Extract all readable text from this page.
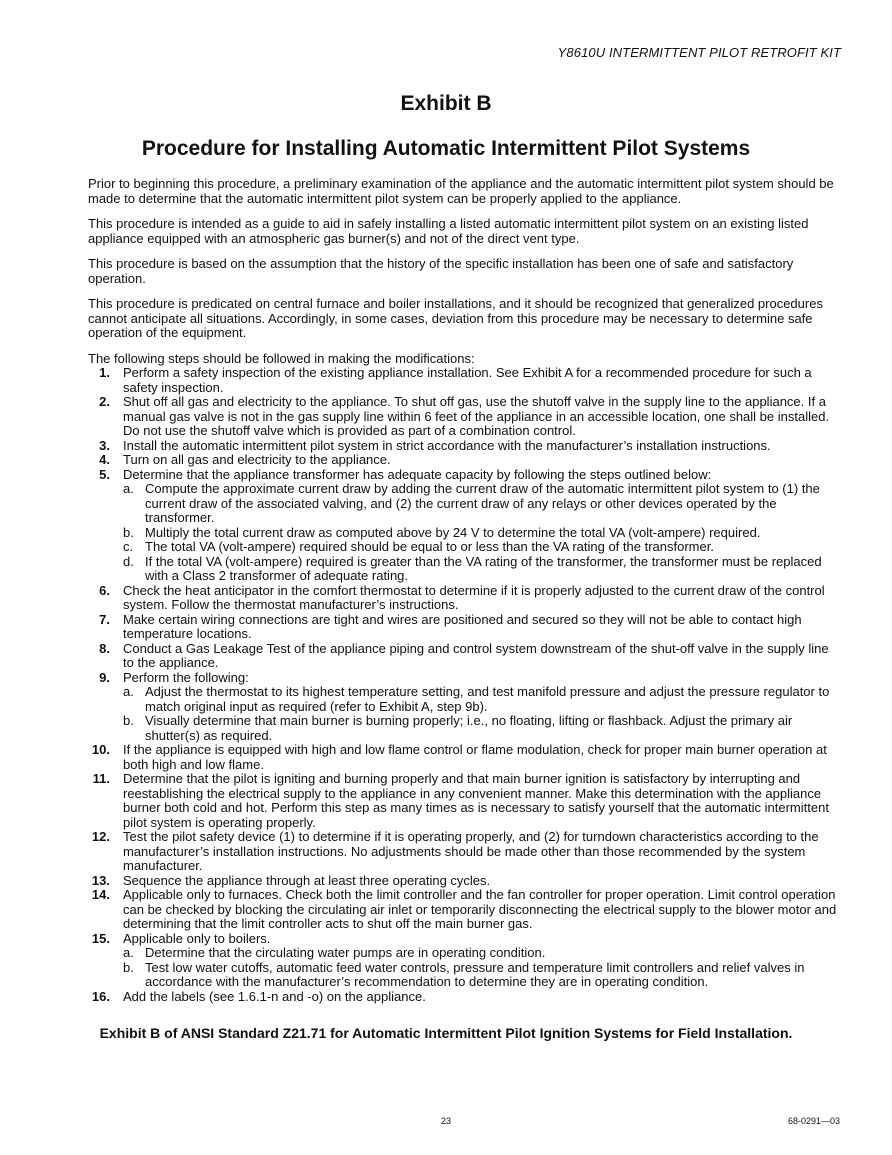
Y8610U INTERMITTENT PILOT RETROFIT KIT
Exhibit B
Procedure for Installing Automatic Intermittent Pilot Systems

Prior to beginning this procedure, a preliminary examination of the appliance and the automatic intermittent pilot system should be made to determine that the automatic intermittent pilot system can be properly applied to the appliance.

This procedure is intended as a guide to aid in safely installing a listed automatic intermittent pilot system on an existing listed appliance equipped with an atmospheric gas burner(s) and not of the direct vent type.

This procedure is based on the assumption that the history of the specific installation has been one of safe and satisfactory operation.

This procedure is predicated on central furnace and boiler installations, and it should be recognized that generalized procedures cannot anticipate all situations. Accordingly, in some cases, deviation from this procedure may be necessary to determine safe operation of the equipment.

The following steps should be followed in making the modifications:

1. Perform a safety inspection of the existing appliance installation. See Exhibit A for a recommended procedure for such a safety inspection.
2. Shut off all gas and electricity to the appliance. To shut off gas, use the shutoff valve in the supply line to the appliance. If a manual gas valve is not in the gas supply line within 6 feet of the appliance in an accessible location, one shall be installed. Do not use the shutoff valve which is provided as part of a combination control.
3. Install the automatic intermittent pilot system in strict accordance with the manufacturer’s installation instructions.
4. Turn on all gas and electricity to the appliance.
5. Determine that the appliance transformer has adequate capacity by following the steps outlined below:
a. Compute the approximate current draw by adding the current draw of the automatic intermittent pilot system to (1) the current draw of the associated valving, and (2) the current draw of any relays or other devices operated by the transformer.
b. Multiply the total current draw as computed above by 24 V to determine the total VA (volt-ampere) required.
c. The total VA (volt-ampere) required should be equal to or less than the VA rating of the transformer.
d. If the total VA (volt-ampere) required is greater than the VA rating of the transformer, the transformer must be replaced with a Class 2 transformer of adequate rating.
6. Check the heat anticipator in the comfort thermostat to determine if it is properly adjusted to the current draw of the control system. Follow the thermostat manufacturer’s instructions.
7. Make certain wiring connections are tight and wires are positioned and secured so they will not be able to contact high temperature locations.
8. Conduct a Gas Leakage Test of the appliance piping and control system downstream of the shut-off valve in the supply line to the appliance.
9. Perform the following:
a. Adjust the thermostat to its highest temperature setting, and test manifold pressure and adjust the pressure regulator to match original input as required (refer to Exhibit A, step 9b).
b. Visually determine that main burner is burning properly; i.e., no floating, lifting or flashback. Adjust the primary air shutter(s) as required.
10. If the appliance is equipped with high and low flame control or flame modulation, check for proper main burner operation at both high and low flame.
11. Determine that the pilot is igniting and burning properly and that main burner ignition is satisfactory by interrupting and reestablishing the electrical supply to the appliance in any convenient manner. Make this determination with the appliance burner both cold and hot. Perform this step as many times as is necessary to satisfy yourself that the automatic intermittent pilot system is operating properly.
12. Test the pilot safety device (1) to determine if it is operating properly, and (2) for turndown characteristics according to the manufacturer’s installation instructions. No adjustments should be made other than those recommended by the system manufacturer.
13. Sequence the appliance through at least three operating cycles.
14. Applicable only to furnaces. Check both the limit controller and the fan controller for proper operation. Limit control operation can be checked by blocking the circulating air inlet or temporarily disconnecting the electrical supply to the blower motor and determining that the limit controller acts to shut off the main burner gas.
15. Applicable only to boilers.
a. Determine that the circulating water pumps are in operating condition.
b. Test low water cutoffs, automatic feed water controls, pressure and temperature limit controllers and relief valves in accordance with the manufacturer’s recommendation to determine they are in operating condition.
16. Add the labels (see 1.6.1-n and -o) on the appliance.
Exhibit B of ANSI Standard Z21.71 for Automatic Intermittent Pilot Ignition Systems for Field Installation.
23	68-0291—03
